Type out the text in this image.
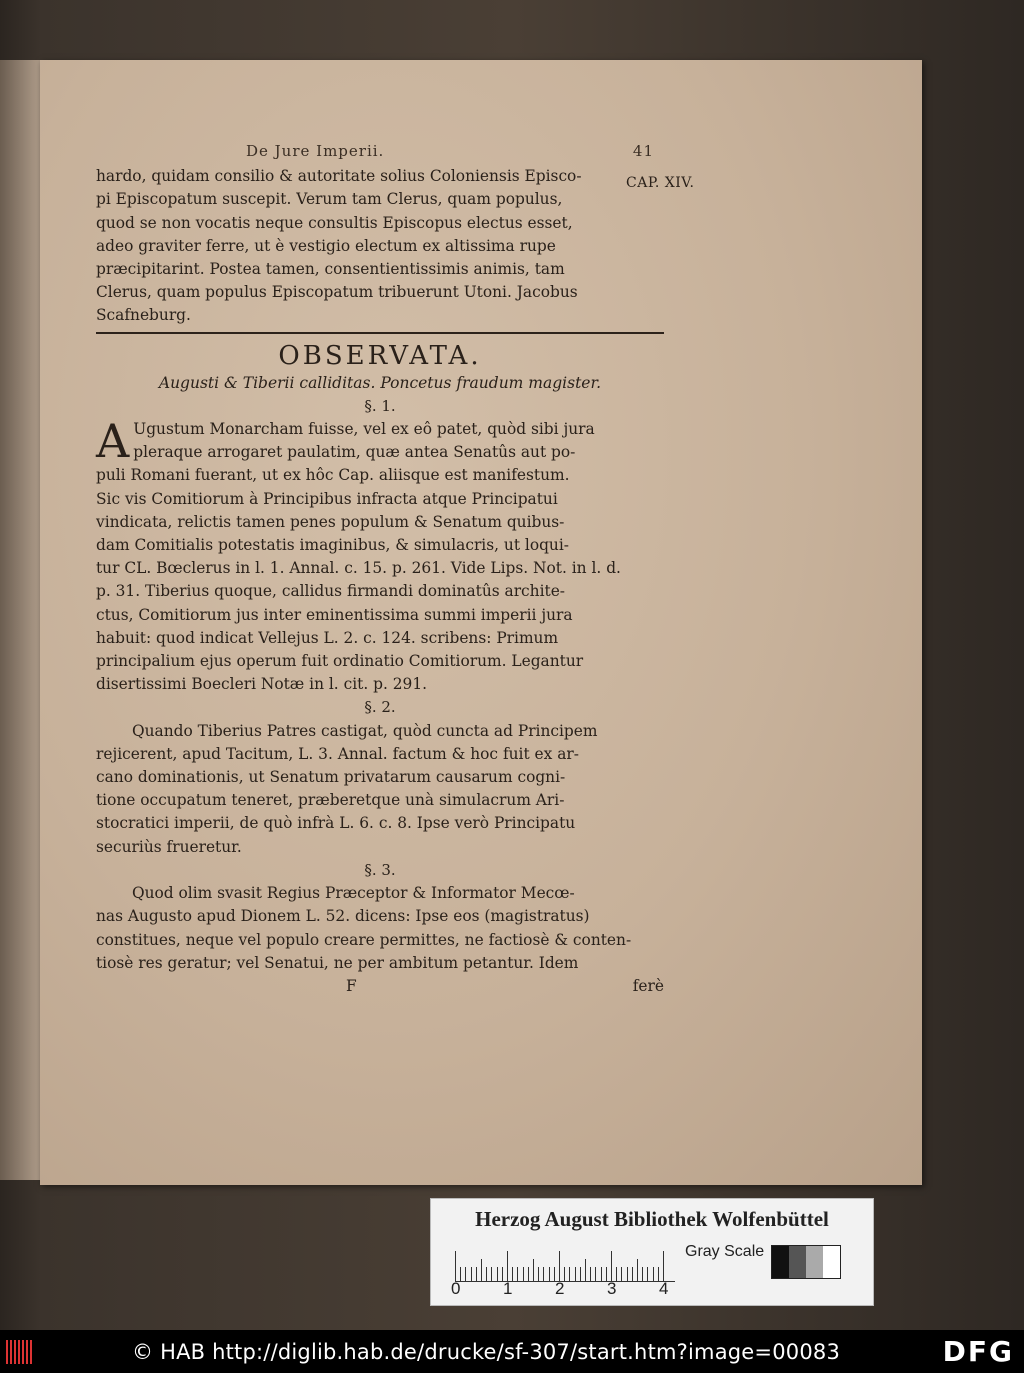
CAP. XIV.

De Jure Imperii.	41
hardo, quidam consilio & autoritate solius Coloniensis Episco-
pi Episcopatum suscepit. Verum tam Clerus, quam populus,
quod se non vocatis neque consultis Episcopus electus esset,
adeo graviter ferre, ut è vestigio electum ex altissima rupe
præcipitarint. Postea tamen, consentientissimis animis, tam
Clerus, quam populus Episcopatum tribuerunt Utoni. Jacobus
Scafneburg.
OBSERVATA.
Augusti & Tiberii calliditas. Poncetus fraudum magister.
§. 1.
A Ugustum Monarcham fuisse, vel ex eô patet, quòd sibi jura
pleraque arrogaret paulatim, quæ antea Senatûs aut po-
puli Romani fuerant, ut ex hôc Cap. aliisque est manifestum.
Sic vis Comitiorum à Principibus infracta atque Principatui
vindicata, relictis tamen penes populum & Senatum quibus-
dam Comitialis potestatis imaginibus, & simulacris, ut loqui-
tur CL. Bœclerus in l. 1. Annal. c. 15. p. 261. Vide Lips. Not. in l. d.
p. 31. Tiberius quoque, callidus firmandi dominatûs archite-
ctus, Comitiorum jus inter eminentissima summi imperii jura
habuit: quod indicat Vellejus L. 2. c. 124. scribens: Primum
principalium ejus operum fuit ordinatio Comitiorum. Legantur
disertissimi Boecleri Notæ in l. cit. p. 291.
§. 2.
Quando Tiberius Patres castigat, quòd cuncta ad Principem
rejicerent, apud Tacitum, L. 3. Annal. factum & hoc fuit ex ar-
cano dominationis, ut Senatum privatarum causarum cogni-
tione occupatum teneret, præberetque unà simulacrum Ari-
stocratici imperii, de quò infrà L. 6. c. 8. Ipse verò Principatu
securiùs frueretur.
§. 3.
Quod olim svasit Regius Præceptor & Informator Mecœ-
nas Augusto apud Dionem L. 52. dicens: Ipse eos (magistratus)
constitues, neque vel populo creare permittes, ne factiosè & conten-
tiosè res geratur; vel Senatui, ne per ambitum petantur. Idem
F	ferè
Herzog August Bibliothek Wolfenbüttel
0	1	2	3	4
Gray Scale
© HAB http://diglib.hab.de/drucke/sf-307/start.htm?image=00083	DFG
